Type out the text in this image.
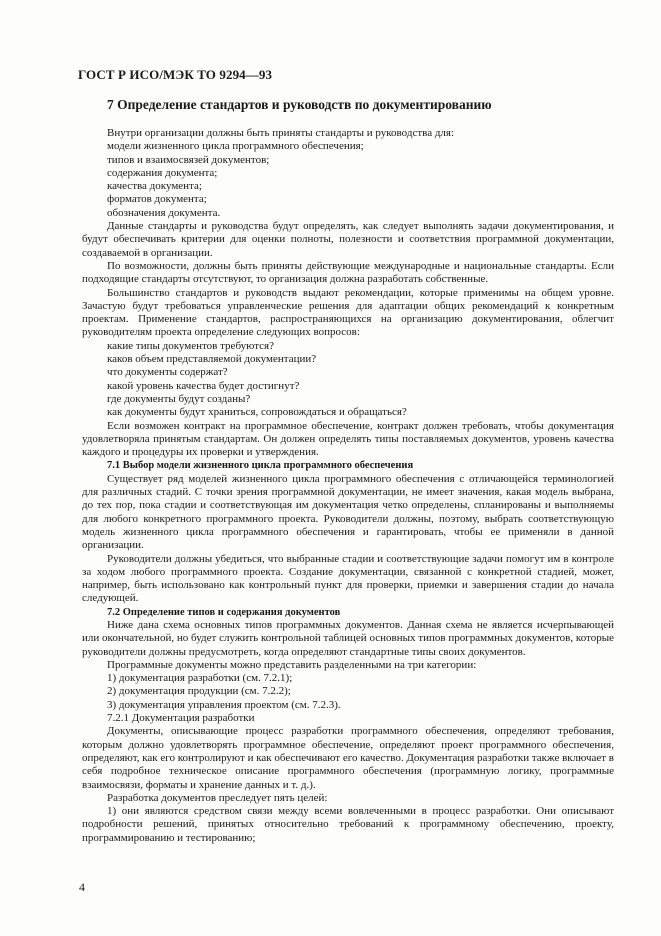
ГОСТ Р ИСО/МЭК ТО 9294—93
7 Определение стандартов и руководств по документированию

Внутри организации должны быть приняты стандарты и руководства для:

модели жизненного цикла программного обеспечения;

типов и взаимосвязей документов;

содержания документа;

качества документа;

форматов документа;

обозначения документа.

Данные стандарты и руководства будут определять, как следует выполнять задачи документирования, и будут обеспечивать критерии для оценки полноты, полезности и соответствия программной документации, создаваемой в организации.

По возможности, должны быть приняты действующие международные и национальные стандарты. Если подходящие стандарты отсутствуют, то организация должна разработать собственные.

Большинство стандартов и руководств выдают рекомендации, которые применимы на общем уровне. Зачастую будут требоваться управленческие решения для адаптации общих рекомендаций к конкретным проектам. Применение стандартов, распространяющихся на организацию документирования, облегчит руководителям проекта определение следующих вопросов:

какие типы документов требуются?

каков объем представляемой документации?

что документы содержат?

какой уровень качества будет достигнут?

где документы будут созданы?

как документы будут храниться, сопровождаться и обращаться?

Если возможен контракт на программное обеспечение, контракт должен требовать, чтобы документация удовлетворяла принятым стандартам. Он должен определять типы поставляемых документов, уровень качества каждого и процедуры их проверки и утверждения.

7.1 Выбор модели жизненного цикла программного обеспечения

Существует ряд моделей жизненного цикла программного обеспечения с отличающейся терминологией для различных стадий. С точки зрения программной документации, не имеет значения, какая модель выбрана, до тех пор, пока стадии и соответствующая им документация четко определены, спланированы и выполняемы для любого конкретного программного проекта. Руководители должны, поэтому, выбрать соответствующую модель жизненного цикла программного обеспечения и гарантировать, чтобы ее применяли в данной организации.

Руководители должны убедиться, что выбранные стадии и соответствующие задачи помогут им в контроле за ходом любого программного проекта. Создание документации, связанной с конкретной стадией, может, например, быть использовано как контрольный пункт для проверки, приемки и завершения стадии до начала следующей.

7.2 Определение типов и содержания документов

Ниже дана схема основных типов программных документов. Данная схема не является исчерпывающей или окончательной, но будет служить контрольной таблицей основных типов программных документов, которые руководители должны предусмотреть, когда определяют стандартные типы своих документов.

Программные документы можно представить разделенными на три категории:

1) документация разработки (см. 7.2.1);

2) документация продукции (см. 7.2.2);

3) документация управления проектом (см. 7.2.3).

7.2.1 Документация разработки

Документы, описывающие процесс разработки программного обеспечения, определяют требования, которым должно удовлетворять программное обеспечение, определяют проект программного обеспечения, определяют, как его контролируют и как обеспечивают его качество. Документация разработки также включает в себя подробное техническое описание программного обеспечения (программную логику, программные взаимосвязи, форматы и хранение данных и т. д.).

Разработка документов преследует пять целей:

1) они являются средством связи между всеми вовлеченными в процесс разработки. Они описывают подробности решений, принятых относительно требований к программному обеспечению, проекту, программированию и тестированию;

4
